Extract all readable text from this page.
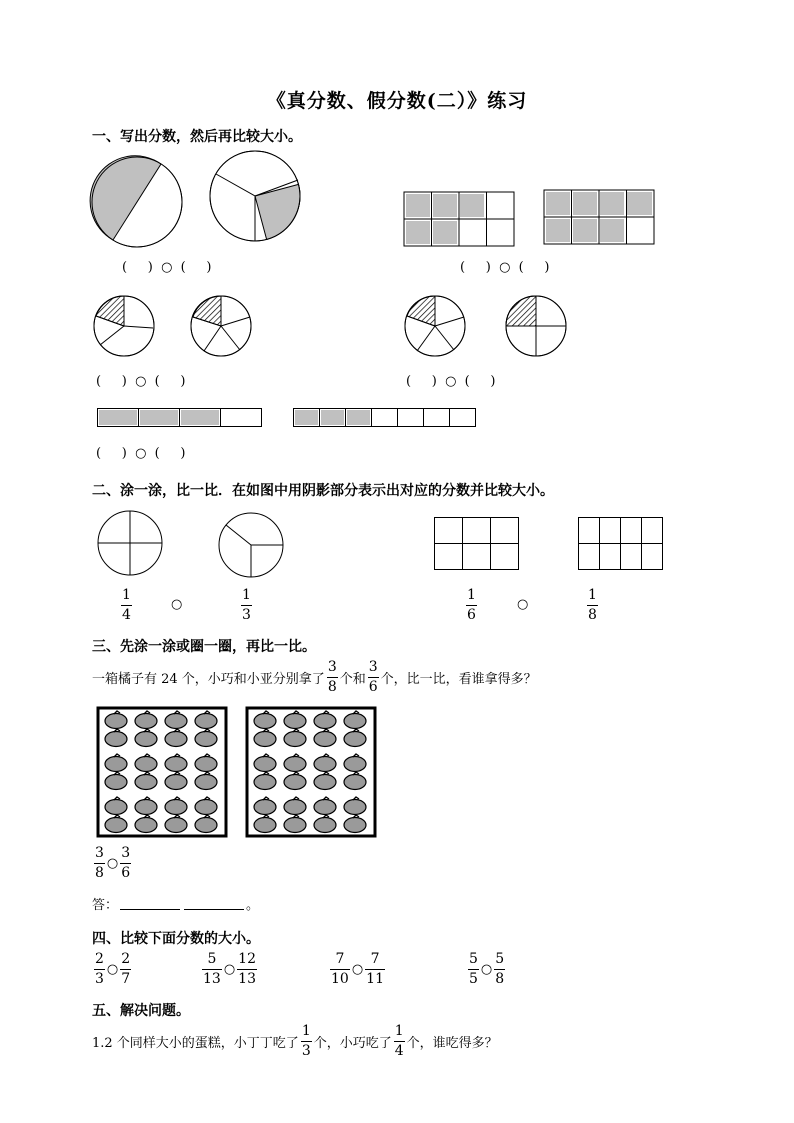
《真分数、假分数(二）》练习
一、写出分数，然后再比较大小。
(     )  ○  (     )	(     )  ○  (     )
(     )  ○  (     )	(     )  ○  (     )
(     )  ○  (     )
二、涂一涂，比一比．在如图中用阴影部分表示出对应的分数并比较大小。
1
4
○
1
3
1
6
○
1
8
三、先涂一涂或圈一圈，再比一比。
一箱橘子有 24 个，小巧和小亚分别拿了 $\frac{3}{8}$ 个和 $\frac{3}{6}$ 个，比一比，看谁拿得多？
$\frac{3}{8}$ ○ $\frac{3}{6}$
答：	。
四、比较下面分数的大小。
$\frac{2}{3}$ ○ $\frac{2}{7}$	$\frac{5}{13}$ ○ $\frac{12}{13}$	$\frac{7}{10}$ ○ $\frac{7}{11}$	$\frac{5}{5}$ ○ $\frac{5}{8}$
五、解决问题。
1.2 个同样大小的蛋糕，小丁丁吃了 $\frac{1}{3}$ 个，小巧吃了 $\frac{1}{4}$ 个，谁吃得多？
